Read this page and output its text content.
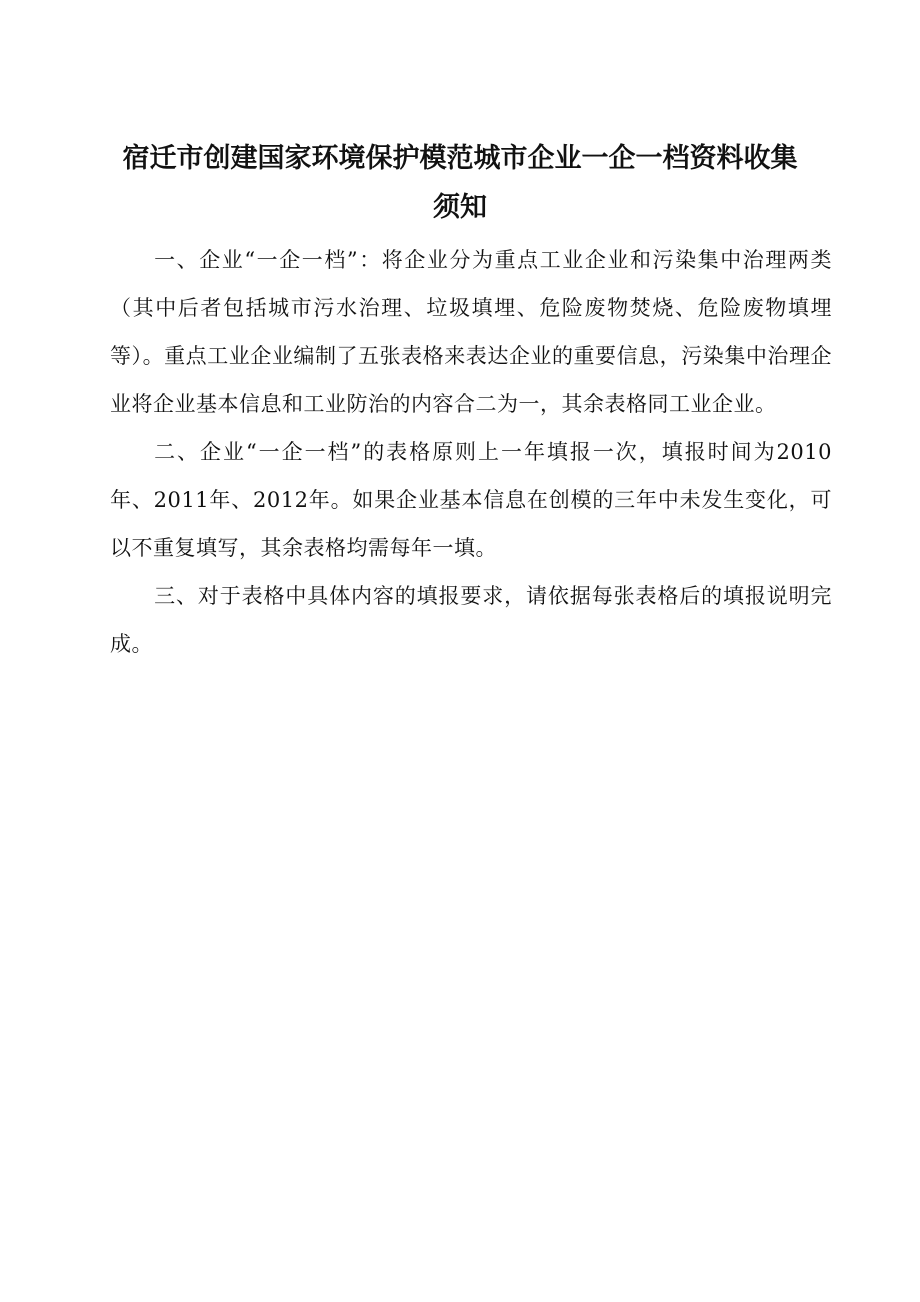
宿迁市创建国家环境保护模范城市企业一企一档资料收集
须知

一、企业“一企一档”：将企业分为重点工业企业和污染集中治理两类（其中后者包括城市污水治理、垃圾填埋、危险废物焚烧、危险废物填埋等）。重点工业企业编制了五张表格来表达企业的重要信息，污染集中治理企业将企业基本信息和工业防治的内容合二为一，其余表格同工业企业。

二、企业“一企一档”的表格原则上一年填报一次，填报时间为2010年、2011年、2012年。如果企业基本信息在创模的三年中未发生变化，可以不重复填写，其余表格均需每年一填。

三、对于表格中具体内容的填报要求，请依据每张表格后的填报说明完成。
